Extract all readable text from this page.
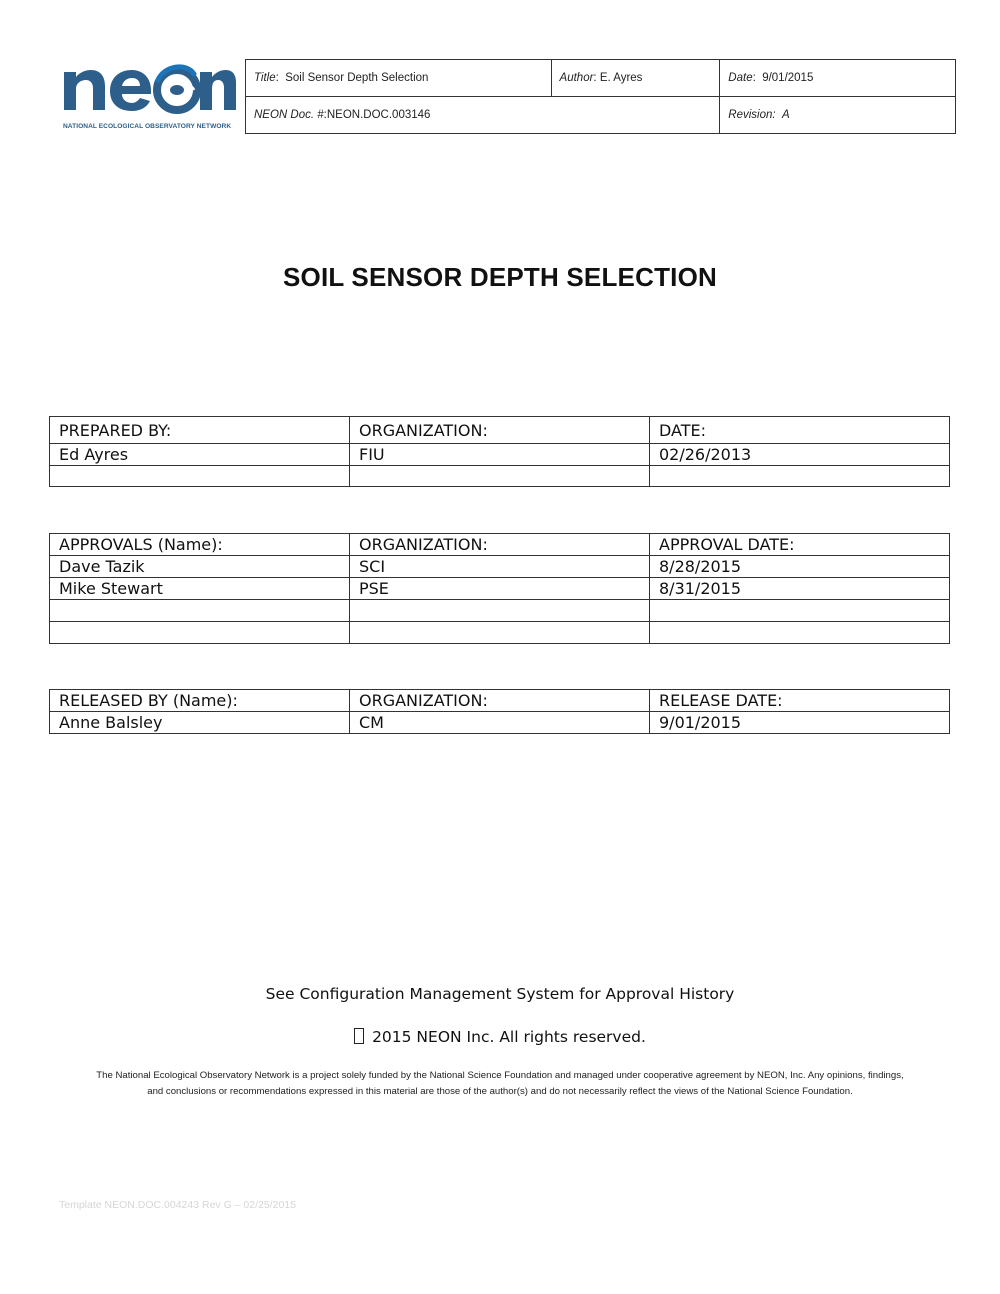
NATIONAL ECOLOGICAL OBSERVATORY NETWORK
Title:  Soil Sensor Depth Selection	Author: E. Ayres	Date:  9/01/2015
NEON Doc. #:NEON.DOC.003146		Revision: A
SOIL SENSOR DEPTH SELECTION
PREPARED BY:	ORGANIZATION:	DATE:
Ed Ayres	FIU	02/26/2013

APPROVALS (Name):	ORGANIZATION:	APPROVAL DATE:
Dave Tazik	SCI	8/28/2015
Mike Stewart	PSE	8/31/2015

RELEASED BY (Name):	ORGANIZATION:	RELEASE DATE:
Anne Balsley	CM	9/01/2015
See Configuration Management System for Approval History
2015 NEON Inc. All rights reserved.
The National Ecological Observatory Network is a project solely funded by the National Science Foundation and managed under cooperative agreement by NEON, Inc. Any opinions, findings,
and conclusions or recommendations expressed in this material are those of the author(s) and do not necessarily reflect the views of the National Science Foundation.
Template NEON.DOC.004243 Rev G – 02/25/2015
